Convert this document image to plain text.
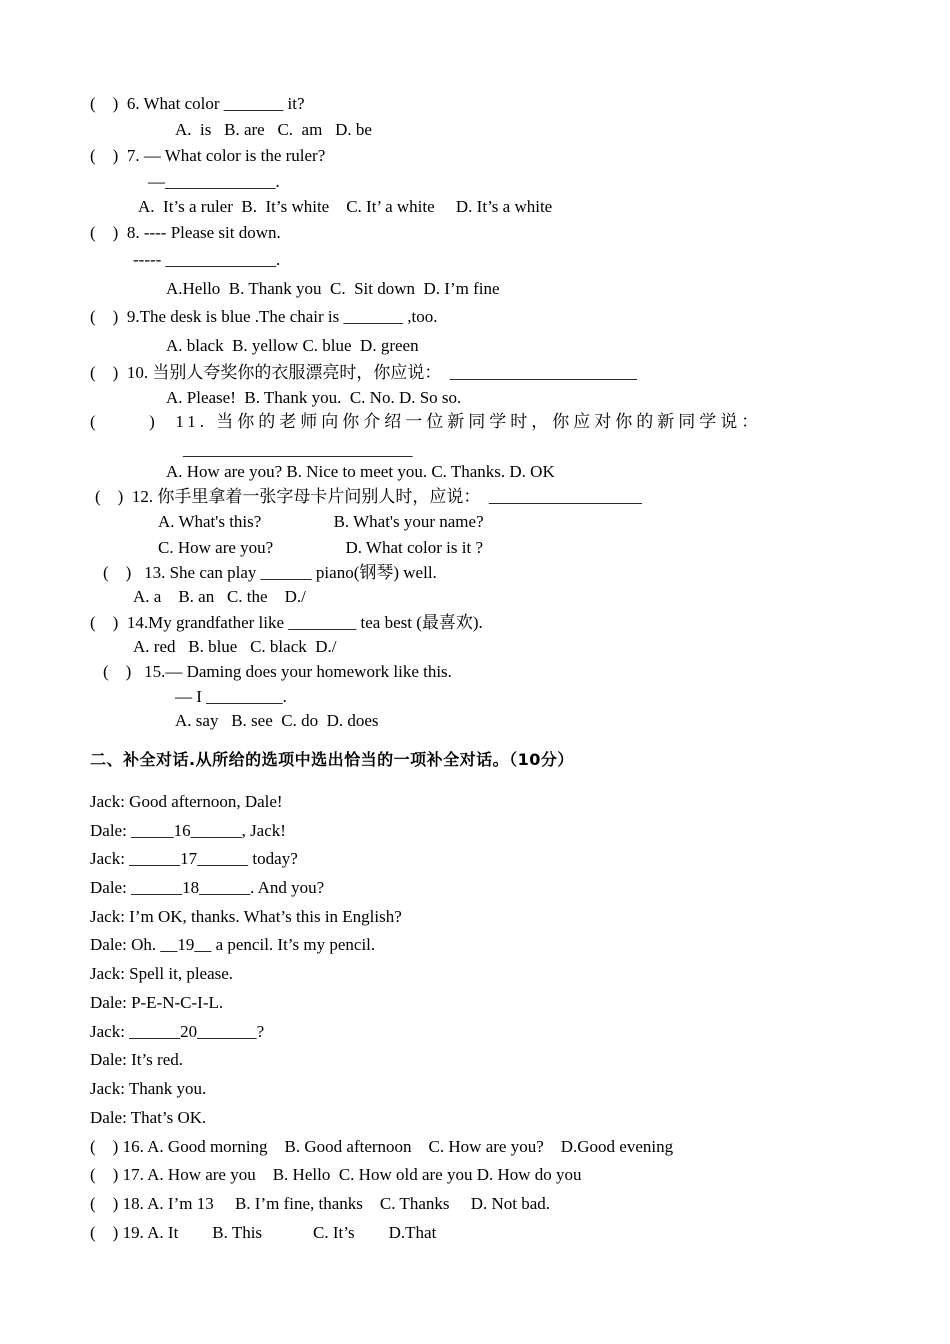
(    )  6. What color _______ it?
A.  is   B. are   C.  am   D. be
(    )  7. — What color is the ruler?
—_____________.
A.  It’s a ruler  B.  It’s white    C. It’ a white     D. It’s a white
(    )  8. ---- Please sit down.
----- _____________.
A.Hello  B. Thank you  C.  Sit down  D. I’m fine
(    )  9.The desk is blue .The chair is _______ ,too.
A. black  B. yellow C. blue  D. green
(    )  10. 当别人夸奖你的衣服漂亮时，你应说：  ______________________
A. Please!  B. Thank you.  C. No. D. So so.
(      )  11. 当你的老师向你介绍一位新同学时，你应对你的新同学说：
___________________________
A. How are you? B. Nice to meet you. C. Thanks. D. OK
(    )  12. 你手里拿着一张字母卡片问别人时，应说：  __________________
A. What's this?                 B. What's your name?
C. How are you?                 D. What color is it ?
(    )   13. She can play ______ piano(钢琴) well.
A. a    B. an   C. the    D./
(    )  14.My grandfather like ________ tea best (最喜欢).
A. red   B. blue   C. black  D./
(    )   15.— Daming does your homework like this.
— I _________.
A. say   B. see  C. do  D. does
二、补全对话.从所给的选项中选出恰当的一项补全对话。（10分）
Jack: Good afternoon, Dale!
Dale: _____16______, Jack!
Jack: ______17______ today?
Dale: ______18______. And you?
Jack: I’m OK, thanks. What’s this in English?
Dale: Oh. __19__ a pencil. It’s my pencil.
Jack: Spell it, please.
Dale: P-E-N-C-I-L.
Jack: ______20_______?
Dale: It’s red.
Jack: Thank you.
Dale: That’s OK.
(    ) 16. A. Good morning    B. Good afternoon    C. How are you?    D.Good evening
(    ) 17. A. How are you    B. Hello  C. How old are you D. How do you
(    ) 18. A. I’m 13     B. I’m fine, thanks    C. Thanks     D. Not bad.
(    ) 19. A. It        B. This            C. It’s        D.That
